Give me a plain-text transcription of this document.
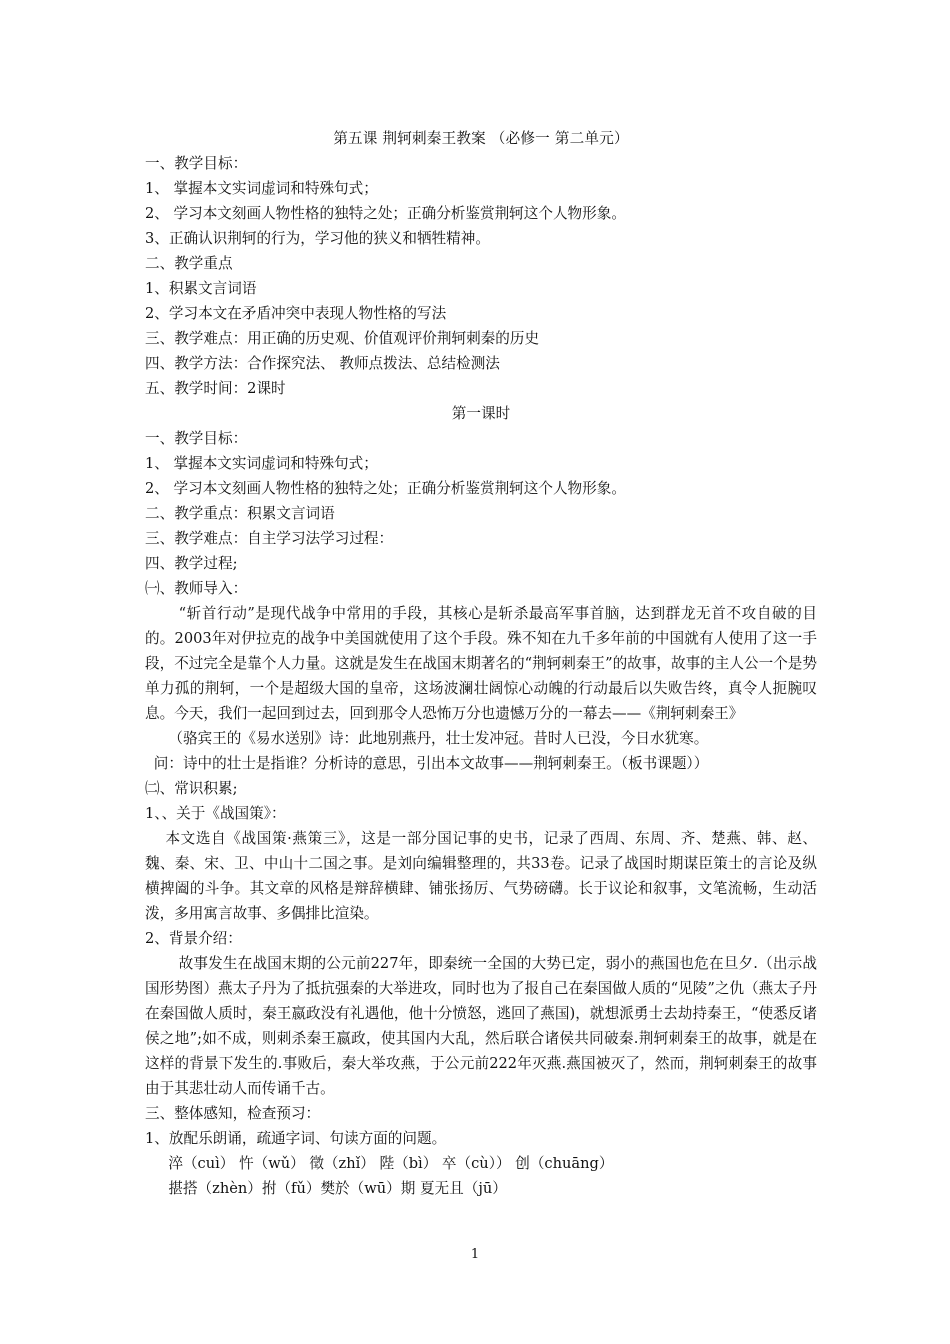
第五课 荆轲刺秦王教案 （必修一 第二单元）
一、教学目标：
1、 掌握本文实词虚词和特殊句式；
2、 学习本文刻画人物性格的独特之处；正确分析鉴赏荆轲这个人物形象。
3、正确认识荆轲的行为，学习他的狭义和牺牲精神。
二、教学重点
1、积累文言词语
2、学习本文在矛盾冲突中表现人物性格的写法
三、教学难点：用正确的历史观、价值观评价荆轲刺秦的历史
四、教学方法：合作探究法、 教师点拨法、总结检测法
五、教学时间：2课时
第一课时
一、教学目标：
1、 掌握本文实词虚词和特殊句式；
2、 学习本文刻画人物性格的独特之处；正确分析鉴赏荆轲这个人物形象。
二、教学重点：积累文言词语
三、教学难点：自主学习法学习过程：
四、教学过程;
㈠、教师导入：
“斩首行动”是现代战争中常用的手段，其核心是斩杀最高军事首脑，达到群龙无首不攻自破的目的。2003年对伊拉克的战争中美国就使用了这个手段。殊不知在九千多年前的中国就有人使用了这一手段，不过完全是靠个人力量。这就是发生在战国末期著名的“荆轲刺秦王”的故事，故事的主人公一个是势单力孤的荆轲，一个是超级大国的皇帝，这场波澜壮阔惊心动魄的行动最后以失败告终，真令人扼腕叹息。今天，我们一起回到过去，回到那令人恐怖万分也遗憾万分的一幕去——《荆轲刺秦王》
（骆宾王的《易水送别》诗：此地别燕丹，壮士发冲冠。昔时人已没，今日水犹寒。
问：诗中的壮士是指谁？分析诗的意思，引出本文故事——荆轲刺秦王。（板书课题））
㈡、常识积累;
1、、关于《战国策》：
本文选自《战国策·燕策三》，这是一部分国记事的史书，记录了西周、东周、齐、楚燕、韩、赵、魏、秦、宋、卫、中山十二国之事。是刘向编辑整理的，共33卷。记录了战国时期谋臣策士的言论及纵横捭阖的斗争。其文章的风格是辩辞横肆、铺张扬厉、气势磅礴。长于议论和叙事，文笔流畅，生动活泼，多用寓言故事、多偶排比渲染。
2、背景介绍：
故事发生在战国末期的公元前227年，即秦统一全国的大势已定，弱小的燕国也危在旦夕.（出示战国形势图）燕太子丹为了抵抗强秦的大举进攻，同时也为了报自己在秦国做人质的“见陵”之仇（燕太子丹在秦国做人质时，秦王嬴政没有礼遇他，他十分愤怒，逃回了燕国)，就想派勇士去劫持秦王，“使悉反诸侯之地”;如不成，则刺杀秦王嬴政，使其国内大乱，然后联合诸侯共同破秦.荆轲刺秦王的故事，就是在这样的背景下发生的.事败后，秦大举攻燕，于公元前222年灭燕.燕国被灭了，然而，荆轲刺秦王的故事由于其悲壮动人而传诵千古。
三、整体感知，检查预习：
1、放配乐朗诵，疏通字词、句读方面的问题。
淬（cuì） 忤（wǔ） 徵（zhǐ） 陛（bì） 卒（cù）） 创（chuāng）
揕搭（zhèn）拊（fǔ）樊於（wū）期 夏无且（jū）
1
